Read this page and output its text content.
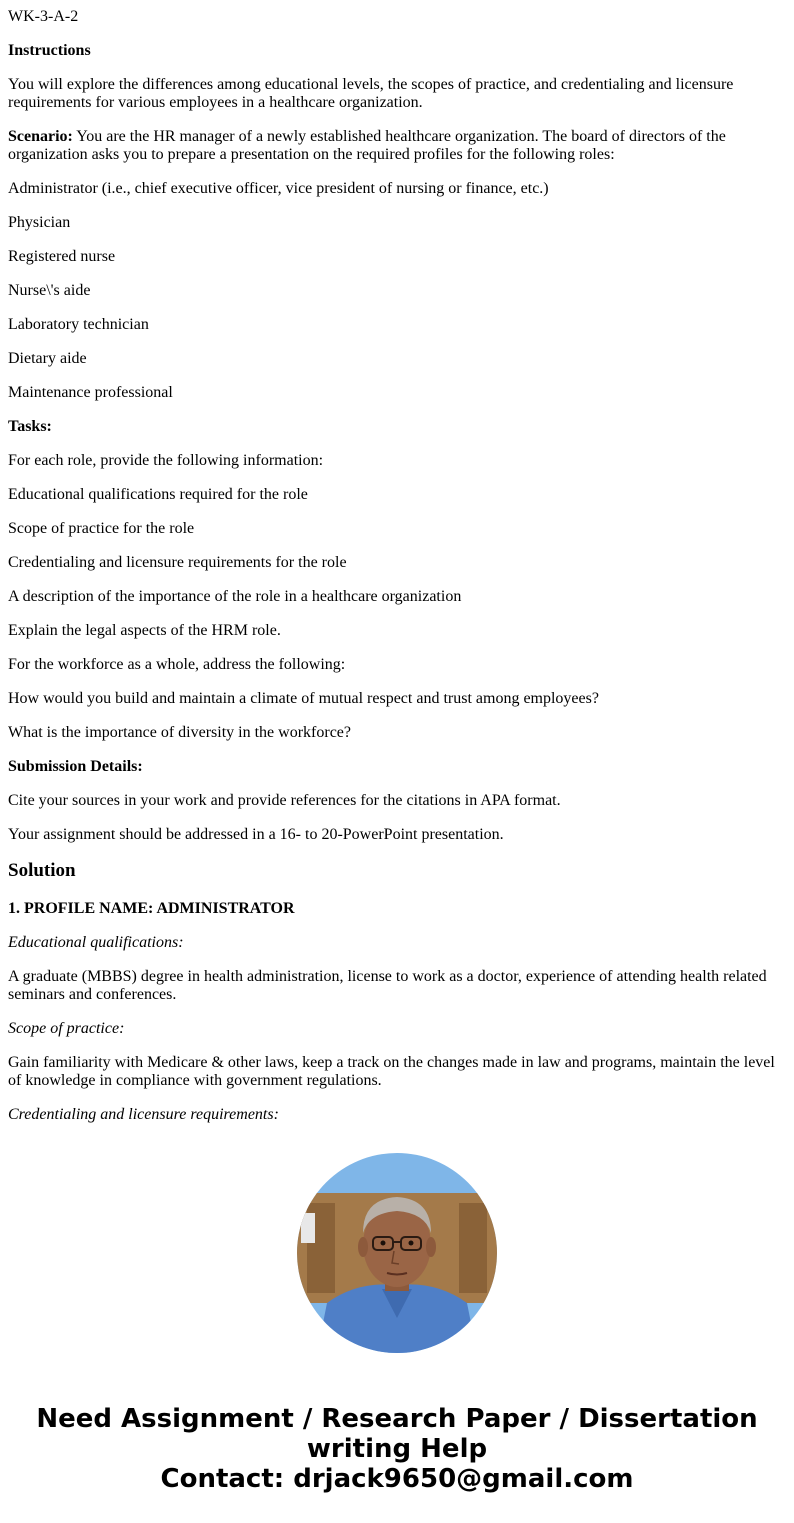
WK-3-A-2

Instructions

You will explore the differences among educational levels, the scopes of practice, and credentialing and licensure requirements for various employees in a healthcare organization.

Scenario: You are the HR manager of a newly established healthcare organization. The board of directors of the organization asks you to prepare a presentation on the required profiles for the following roles:

Administrator (i.e., chief executive officer, vice president of nursing or finance, etc.)

Physician

Registered nurse

Nurse\'s aide

Laboratory technician

Dietary aide

Maintenance professional

Tasks:

For each role, provide the following information:

Educational qualifications required for the role

Scope of practice for the role

Credentialing and licensure requirements for the role

A description of the importance of the role in a healthcare organization

Explain the legal aspects of the HRM role.

For the workforce as a whole, address the following:

How would you build and maintain a climate of mutual respect and trust among employees?

What is the importance of diversity in the workforce?

Submission Details:

Cite your sources in your work and provide references for the citations in APA format.

Your assignment should be addressed in a 16- to 20-PowerPoint presentation.

Solution

1. PROFILE NAME: ADMINISTRATOR

Educational qualifications:

A graduate (MBBS) degree in health administration, license to work as a doctor, experience of attending health related seminars and conferences.

Scope of practice:

Gain familiarity with Medicare & other laws, keep a track on the changes made in law and programs, maintain the level of knowledge in compliance with government regulations.

Credentialing and licensure requirements:

Need Assignment / Research Paper / Dissertation
writing Help
Contact: drjack9650@gmail.com
